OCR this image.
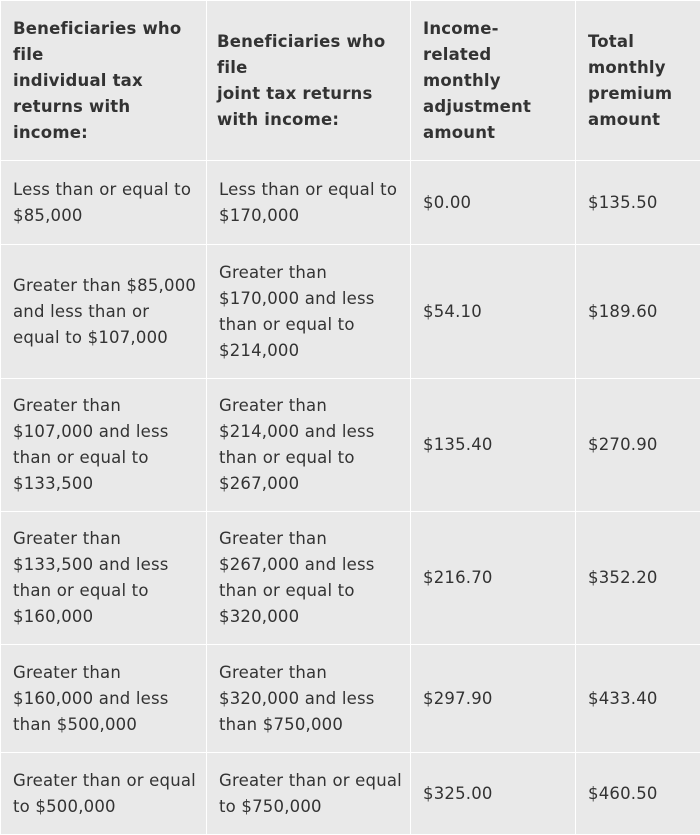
Beneficiaries who
file
individual tax
returns with
income:	Beneficiaries who
file
joint tax returns
with income:	Income-related
monthly
adjustment
amount	Total
monthly
premium
amount
Less than or equal to
$85,000	Less than or equal to
$170,000	$0.00	$135.50
Greater than $85,000
and less than or
equal to $107,000	Greater than
$170,000 and less
than or equal to
$214,000	$54.10	$189.60
Greater than
$107,000 and less
than or equal to
$133,500	Greater than
$214,000 and less
than or equal to
$267,000	$135.40	$270.90
Greater than
$133,500 and less
than or equal to
$160,000	Greater than
$267,000 and less
than or equal to
$320,000	$216.70	$352.20
Greater than
$160,000 and less
than $500,000	Greater than
$320,000 and less
than $750,000	$297.90	$433.40
Greater than or equal
to $500,000	Greater than or equal
to $750,000	$325.00	$460.50
